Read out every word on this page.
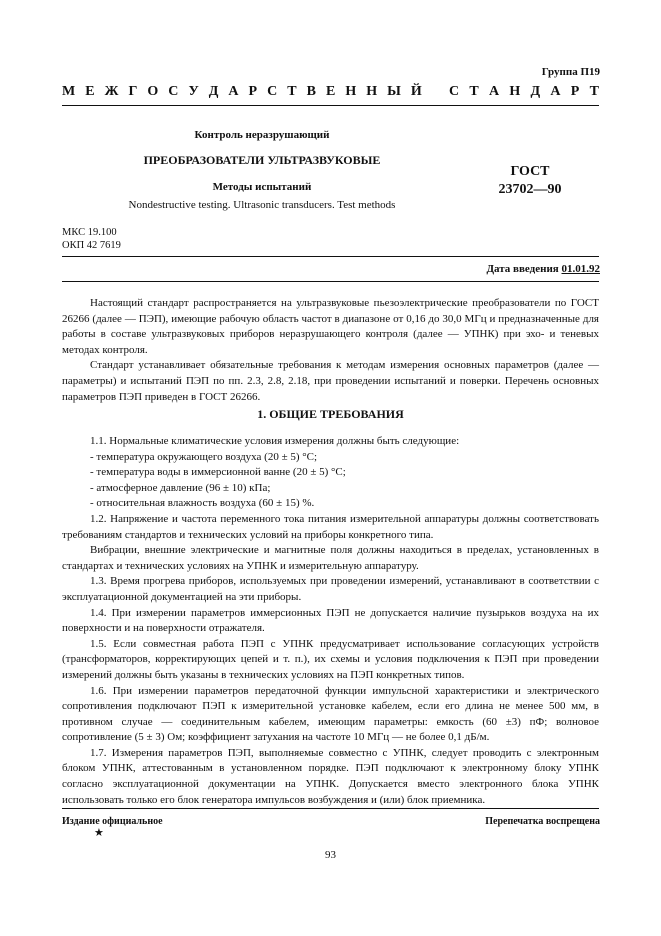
Группа П19
М Е Ж Г О С У Д А Р С Т В Е Н Н Ы Й С Т А Н Д А Р Т
Контроль неразрушающий
ПРЕОБРАЗОВАТЕЛИ УЛЬТРАЗВУКОВЫЕ
Методы испытаний
ГОСТ
23702—90
Nondestructive testing. Ultrasonic transducers. Test methods
МКС 19.100
ОКП 42 7619
Дата введения 01.01.92

Настоящий стандарт распространяется на ультразвуковые пьезоэлектрические преобразователи по ГОСТ 26266 (далее — ПЭП), имеющие рабочую область частот в диапазоне от 0,16 до 30,0 МГц и предназначенные для работы в составе ультразвуковых приборов неразрушающего контроля (далее — УПНК) при эхо- и теневых методах контроля.

Стандарт устанавливает обязательные требования к методам измерения основных параметров (далее — параметры) и испытаний ПЭП по пп. 2.3, 2.8, 2.18, при проведении испытаний и поверки. Перечень основных параметров ПЭП приведен в ГОСТ 26266.

1. ОБЩИЕ ТРЕБОВАНИЯ

1.1. Нормальные климатические условия измерения должны быть следующие:

- температура окружающего воздуха (20 ± 5) °С;

- температура воды в иммерсионной ванне (20 ± 5) °С;

- атмосферное давление (96 ± 10) кПа;

- относительная влажность воздуха (60 ± 15) %.

1.2. Напряжение и частота переменного тока питания измерительной аппаратуры должны соответствовать требованиям стандартов и технических условий на приборы конкретного типа.

Вибрации, внешние электрические и магнитные поля должны находиться в пределах, установленных в стандартах и технических условиях на УПНК и измерительную аппаратуру.

1.3. Время прогрева приборов, используемых при проведении измерений, устанавливают в соответствии с эксплуатационной документацией на эти приборы.

1.4. При измерении параметров иммерсионных ПЭП не допускается наличие пузырьков воздуха на их поверхности и на поверхности отражателя.

1.5. Если совместная работа ПЭП с УПНК предусматривает использование согласующих устройств (трансформаторов, корректирующих цепей и т. п.), их схемы и условия подключения к ПЭП при проведении измерений должны быть указаны в технических условиях на ПЭП конкретных типов.

1.6. При измерении параметров передаточной функции импульсной характеристики и электрического сопротивления подключают ПЭП к измерительной установке кабелем, если его длина не менее 500 мм, в противном случае — соединительным кабелем, имеющим параметры: емкость (60 ±3) пФ; волновое сопротивление (5 ± 3) Ом; коэффициент затухания на частоте 10 МГц — не более 0,1 дБ/м.

1.7. Измерения параметров ПЭП, выполняемые совместно с УПНК, следует проводить с электронным блоком УПНК, аттестованным в установленном порядке. ПЭП подключают к электронному блоку УПНК согласно эксплуатационной документации на УПНК. Допускается вместо электронного блока УПНК использовать только его блок генератора импульсов возбуждения и (или) блок приемника.

Издание официальное
★
Перепечатка воспрещена
93
